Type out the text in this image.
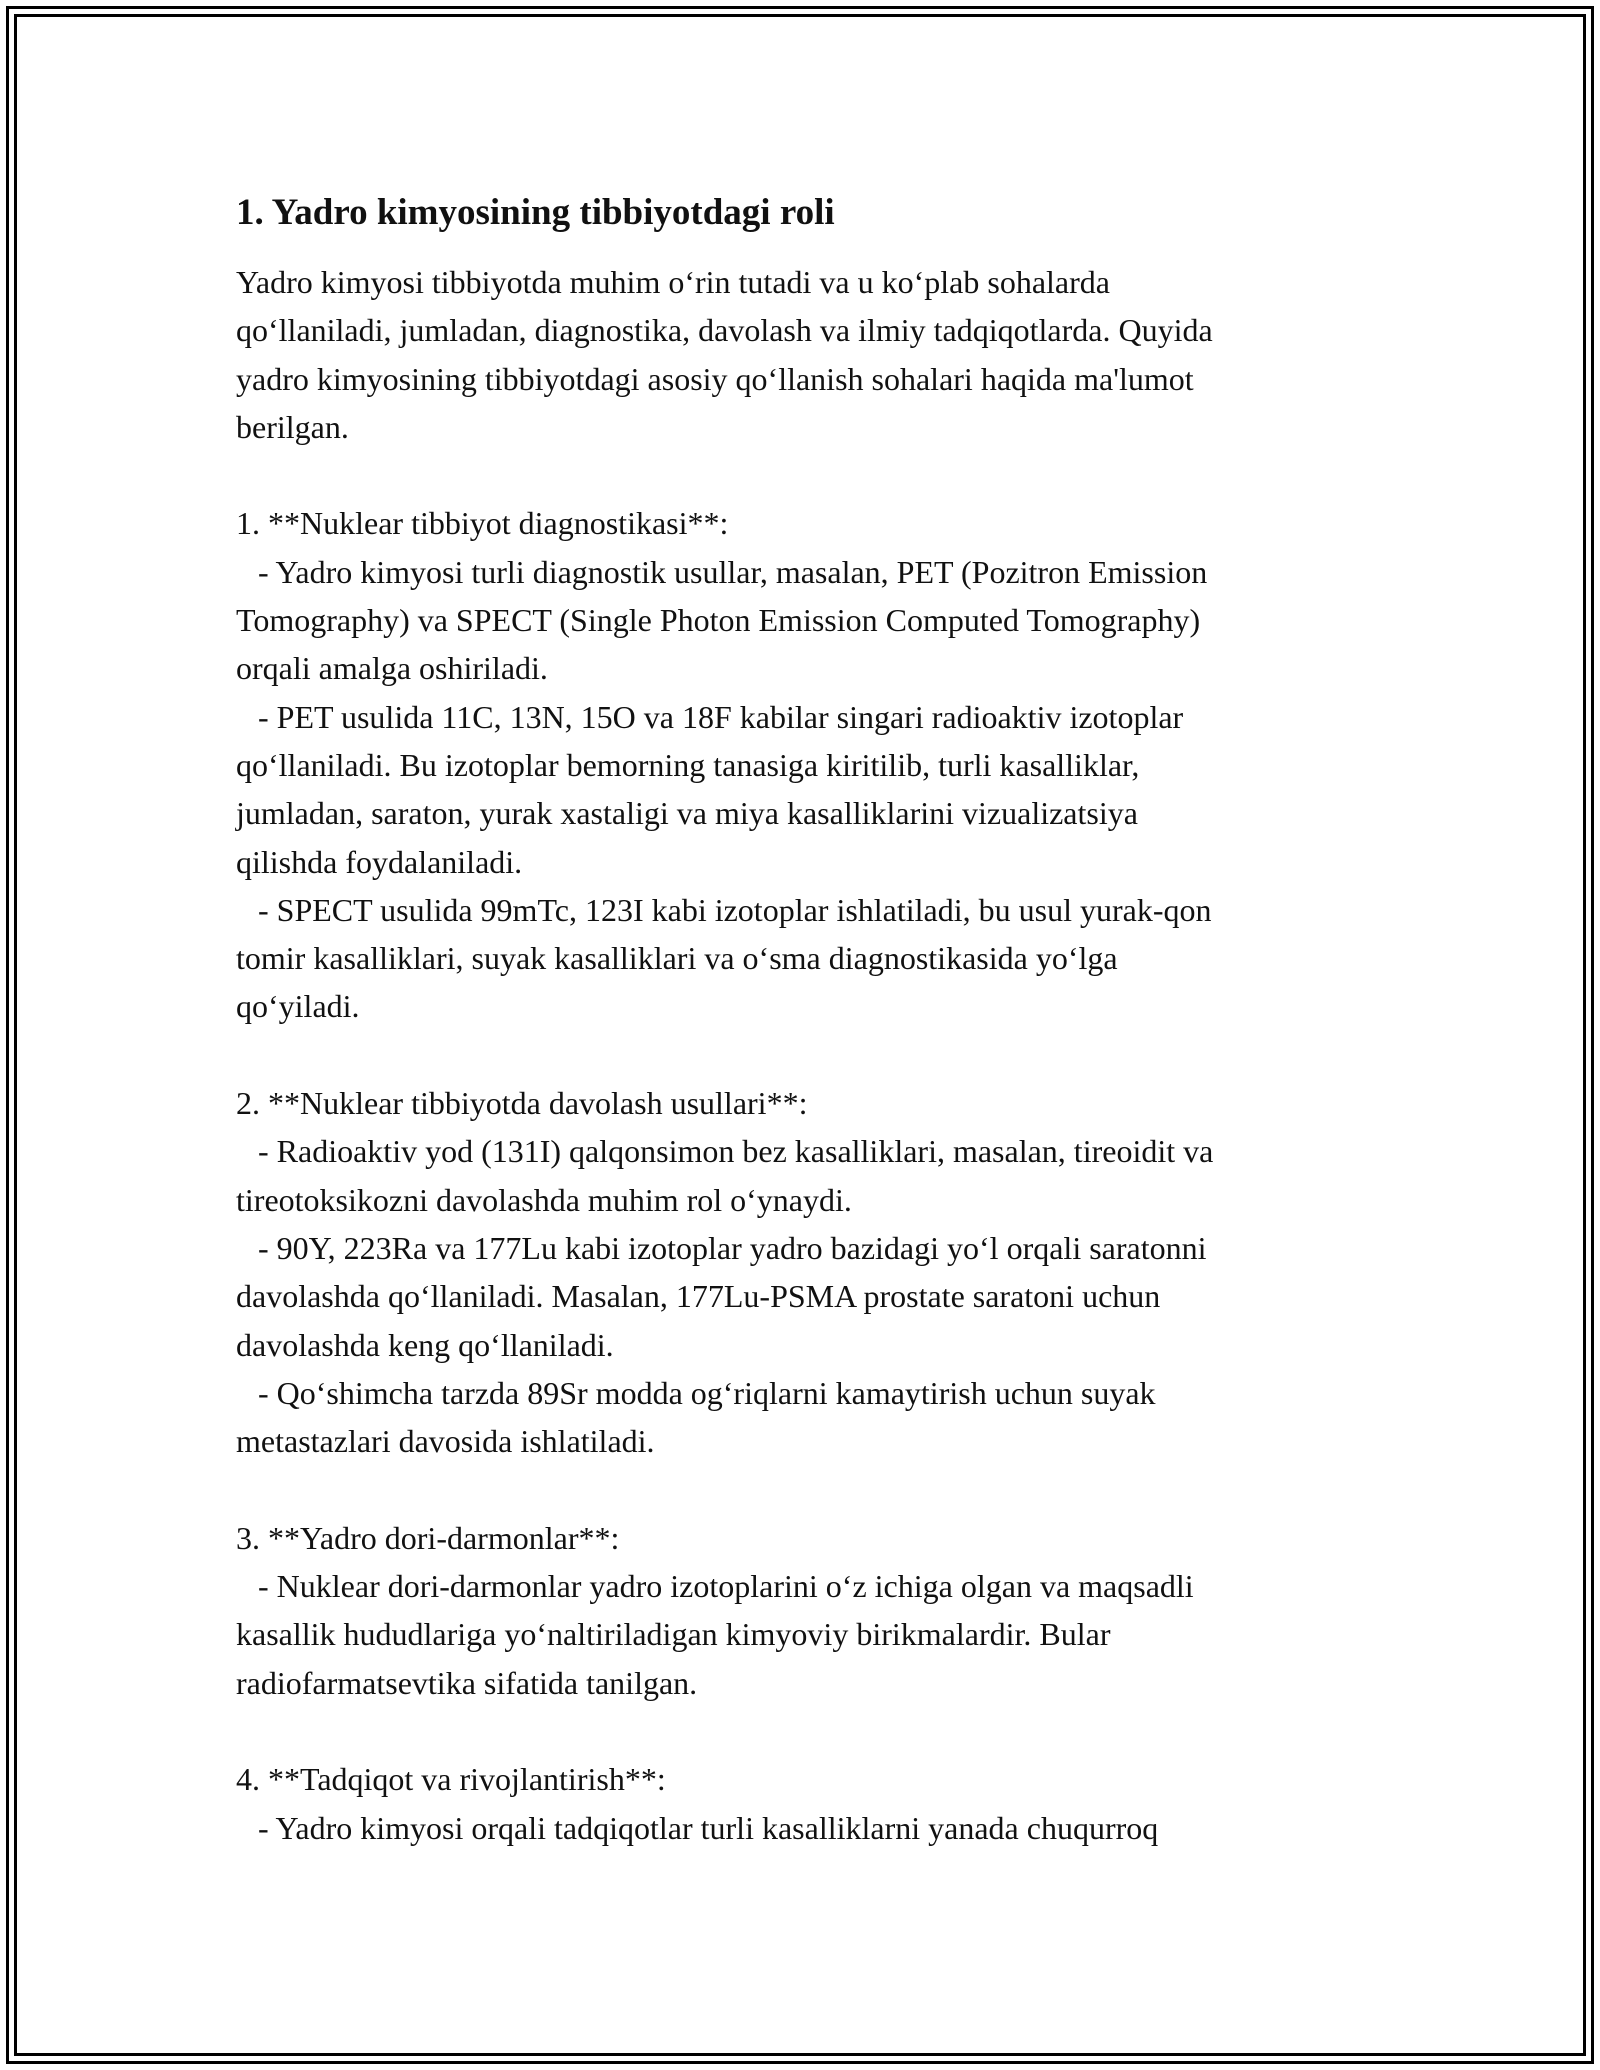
1. Yadro kimyosining tibbiyotdagi roli
Yadro kimyosi tibbiyotda muhim o‘rin tutadi va u ko‘plab sohalarda
qo‘llaniladi, jumladan, diagnostika, davolash va ilmiy tadqiqotlarda. Quyida
yadro kimyosining tibbiyotdagi asosiy qo‘llanish sohalari haqida ma'lumot
berilgan.
1. **Nuklear tibbiyot diagnostikasi**:
- Yadro kimyosi turli diagnostik usullar, masalan, PET (Pozitron Emission
Tomography) va SPECT (Single Photon Emission Computed Tomography)
orqali amalga oshiriladi.
- PET usulida 11C, 13N, 15O va 18F kabilar singari radioaktiv izotoplar
qo‘llaniladi. Bu izotoplar bemorning tanasiga kiritilib, turli kasalliklar,
jumladan, saraton, yurak xastaligi va miya kasalliklarini vizualizatsiya
qilishda foydalaniladi.
- SPECT usulida 99mTc, 123I kabi izotoplar ishlatiladi, bu usul yurak-qon
tomir kasalliklari, suyak kasalliklari va o‘sma diagnostikasida yo‘lga
qo‘yiladi.
2. **Nuklear tibbiyotda davolash usullari**:
- Radioaktiv yod (131I) qalqonsimon bez kasalliklari, masalan, tireoidit va
tireotoksikozni davolashda muhim rol o‘ynaydi.
- 90Y, 223Ra va 177Lu kabi izotoplar yadro bazidagi yo‘l orqali saratonni
davolashda qo‘llaniladi. Masalan, 177Lu-PSMA prostate saratoni uchun
davolashda keng qo‘llaniladi.
- Qo‘shimcha tarzda 89Sr modda og‘riqlarni kamaytirish uchun suyak
metastazlari davosida ishlatiladi.
3. **Yadro dori-darmonlar**:
- Nuklear dori-darmonlar yadro izotoplarini o‘z ichiga olgan va maqsadli
kasallik hududlariga yo‘naltiriladigan kimyoviy birikmalardir. Bular
radiofarmatsevtika sifatida tanilgan.
4. **Tadqiqot va rivojlantirish**:
- Yadro kimyosi orqali tadqiqotlar turli kasalliklarni yanada chuqurroq
